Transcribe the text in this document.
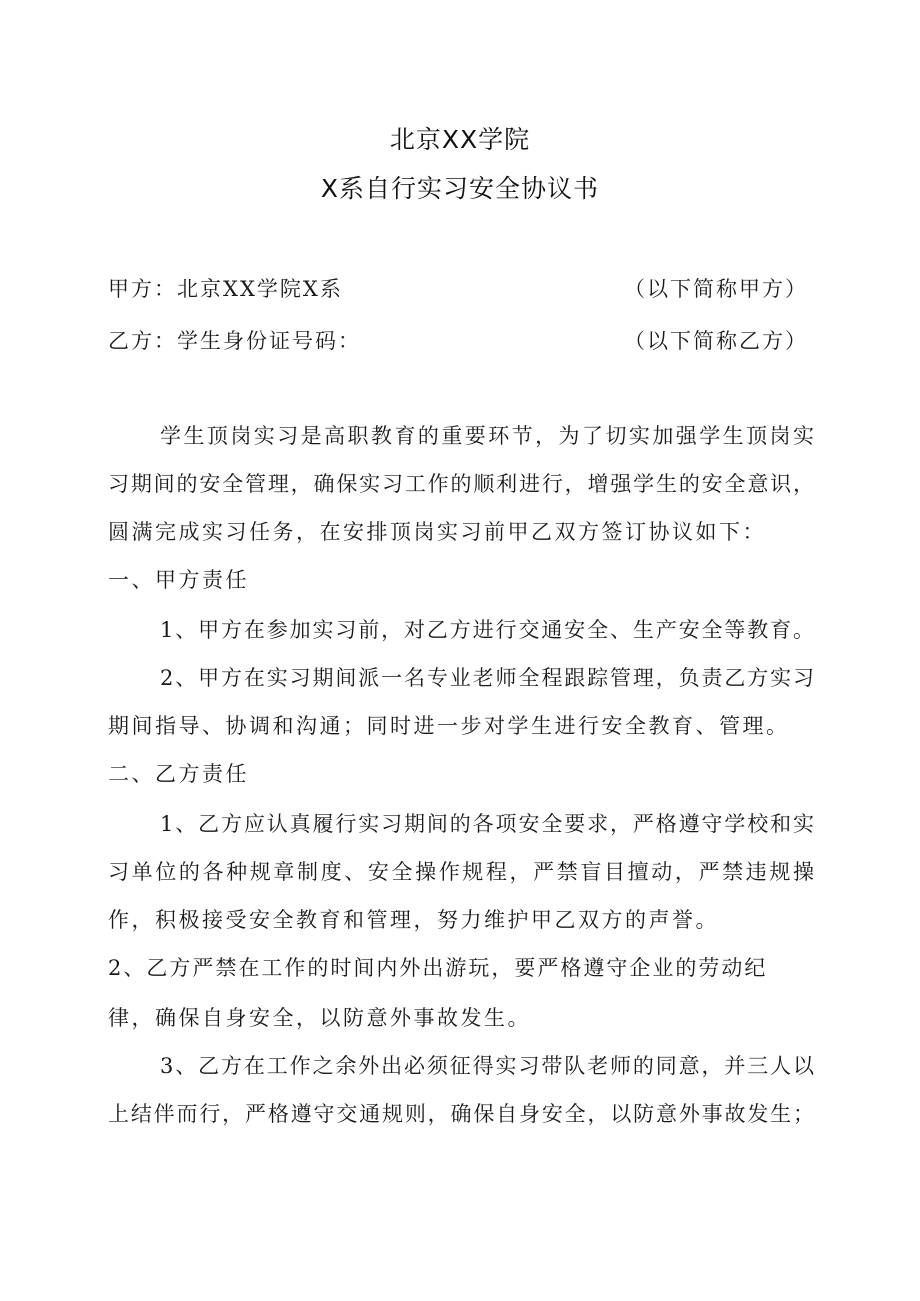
北京XX学院
X系自行实习安全协议书
甲方：北京XX学院X系	（以下简称甲方）
乙方：学生身份证号码：	（以下简称乙方）
学生顶岗实习是高职教育的重要环节，为了切实加强学生顶岗实
习期间的安全管理，确保实习工作的顺利进行，增强学生的安全意识，
圆满完成实习任务，在安排顶岗实习前甲乙双方签订协议如下：
一、甲方责任
1、甲方在参加实习前，对乙方进行交通安全、生产安全等教育。
2、甲方在实习期间派一名专业老师全程跟踪管理，负责乙方实习
期间指导、协调和沟通；同时进一步对学生进行安全教育、管理。
二、乙方责任
1、乙方应认真履行实习期间的各项安全要求，严格遵守学校和实
习单位的各种规章制度、安全操作规程，严禁盲目擅动，严禁违规操
作，积极接受安全教育和管理，努力维护甲乙双方的声誉。
2、乙方严禁在工作的时间内外出游玩，要严格遵守企业的劳动纪
律，确保自身安全，以防意外事故发生。
3、乙方在工作之余外出必须征得实习带队老师的同意，并三人以
上结伴而行，严格遵守交通规则，确保自身安全，以防意外事故发生；
